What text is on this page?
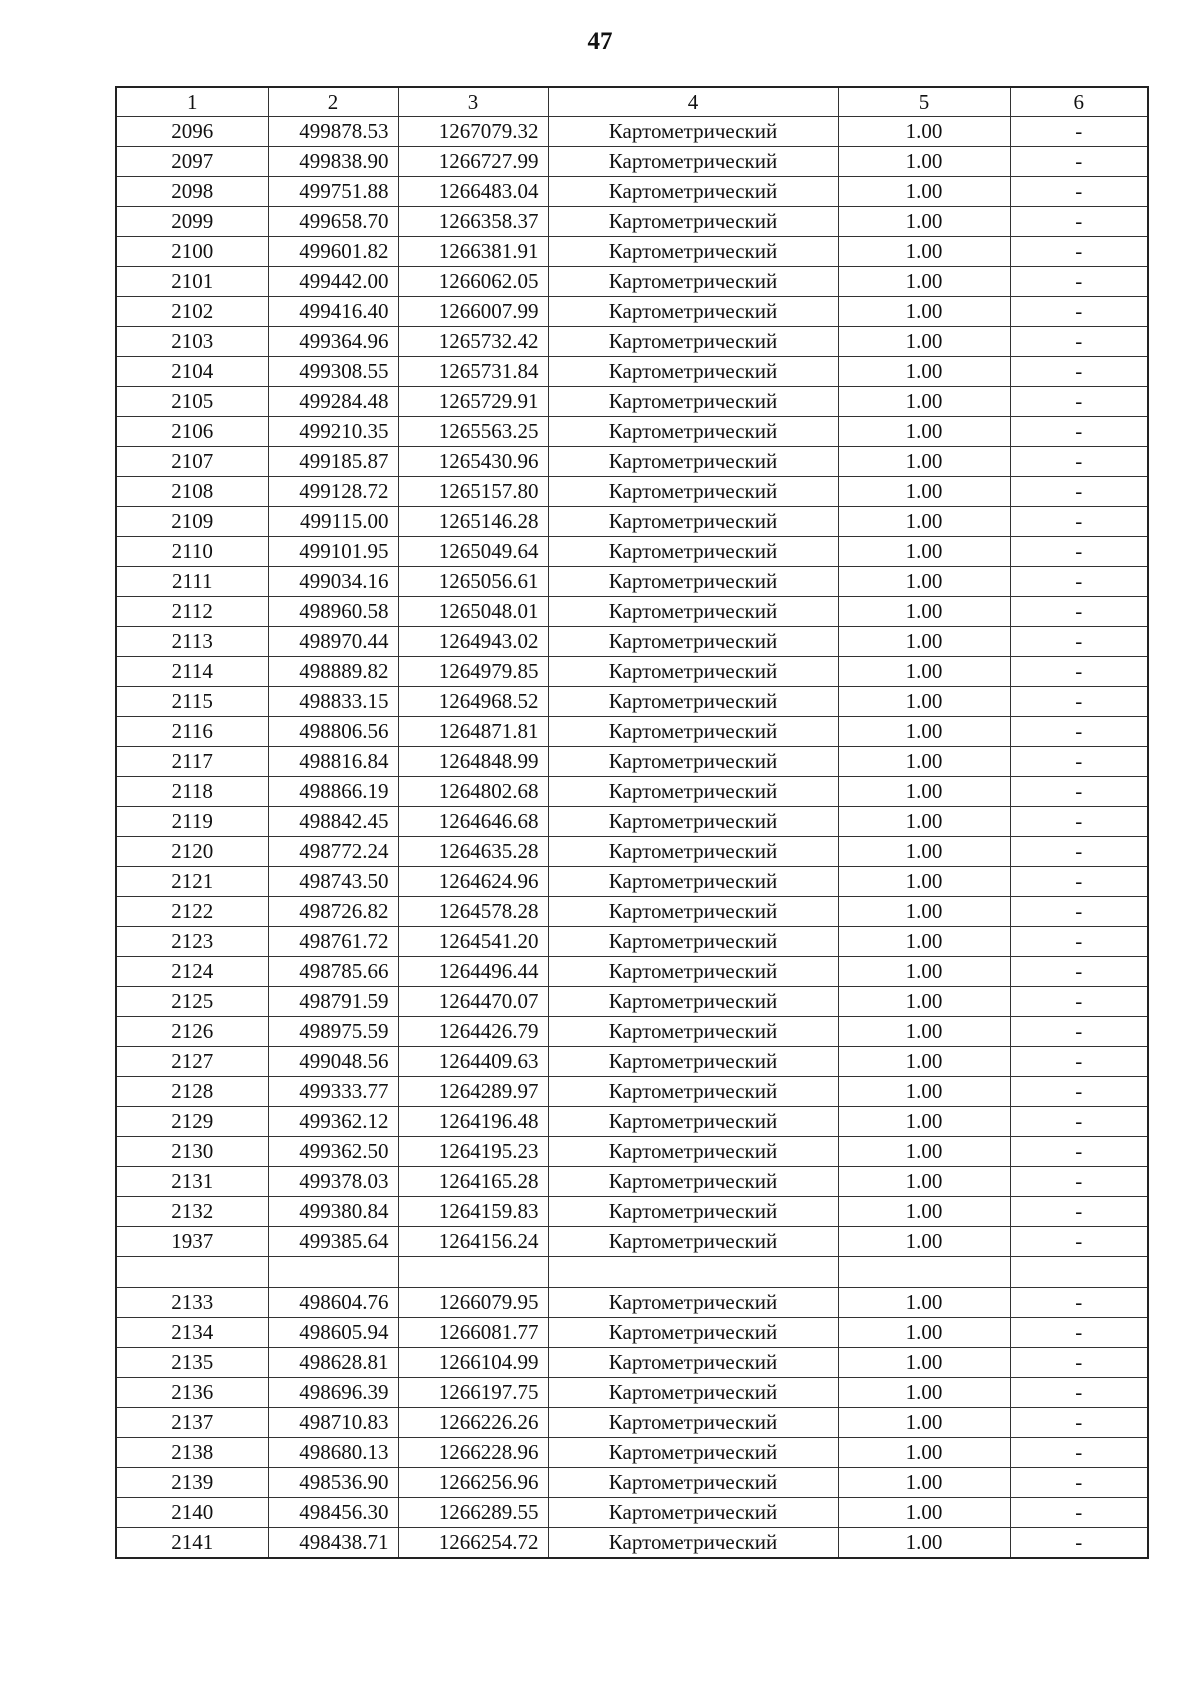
47
1	2	3	4	5	6
2096	499878.53	1267079.32	Картометрический	1.00	-
2097	499838.90	1266727.99	Картометрический	1.00	-
2098	499751.88	1266483.04	Картометрический	1.00	-
2099	499658.70	1266358.37	Картометрический	1.00	-
2100	499601.82	1266381.91	Картометрический	1.00	-
2101	499442.00	1266062.05	Картометрический	1.00	-
2102	499416.40	1266007.99	Картометрический	1.00	-
2103	499364.96	1265732.42	Картометрический	1.00	-
2104	499308.55	1265731.84	Картометрический	1.00	-
2105	499284.48	1265729.91	Картометрический	1.00	-
2106	499210.35	1265563.25	Картометрический	1.00	-
2107	499185.87	1265430.96	Картометрический	1.00	-
2108	499128.72	1265157.80	Картометрический	1.00	-
2109	499115.00	1265146.28	Картометрический	1.00	-
2110	499101.95	1265049.64	Картометрический	1.00	-
2111	499034.16	1265056.61	Картометрический	1.00	-
2112	498960.58	1265048.01	Картометрический	1.00	-
2113	498970.44	1264943.02	Картометрический	1.00	-
2114	498889.82	1264979.85	Картометрический	1.00	-
2115	498833.15	1264968.52	Картометрический	1.00	-
2116	498806.56	1264871.81	Картометрический	1.00	-
2117	498816.84	1264848.99	Картометрический	1.00	-
2118	498866.19	1264802.68	Картометрический	1.00	-
2119	498842.45	1264646.68	Картометрический	1.00	-
2120	498772.24	1264635.28	Картометрический	1.00	-
2121	498743.50	1264624.96	Картометрический	1.00	-
2122	498726.82	1264578.28	Картометрический	1.00	-
2123	498761.72	1264541.20	Картометрический	1.00	-
2124	498785.66	1264496.44	Картометрический	1.00	-
2125	498791.59	1264470.07	Картометрический	1.00	-
2126	498975.59	1264426.79	Картометрический	1.00	-
2127	499048.56	1264409.63	Картометрический	1.00	-
2128	499333.77	1264289.97	Картометрический	1.00	-
2129	499362.12	1264196.48	Картометрический	1.00	-
2130	499362.50	1264195.23	Картометрический	1.00	-
2131	499378.03	1264165.28	Картометрический	1.00	-
2132	499380.84	1264159.83	Картометрический	1.00	-
1937	499385.64	1264156.24	Картометрический	1.00	-

2133	498604.76	1266079.95	Картометрический	1.00	-
2134	498605.94	1266081.77	Картометрический	1.00	-
2135	498628.81	1266104.99	Картометрический	1.00	-
2136	498696.39	1266197.75	Картометрический	1.00	-
2137	498710.83	1266226.26	Картометрический	1.00	-
2138	498680.13	1266228.96	Картометрический	1.00	-
2139	498536.90	1266256.96	Картометрический	1.00	-
2140	498456.30	1266289.55	Картометрический	1.00	-
2141	498438.71	1266254.72	Картометрический	1.00	-
